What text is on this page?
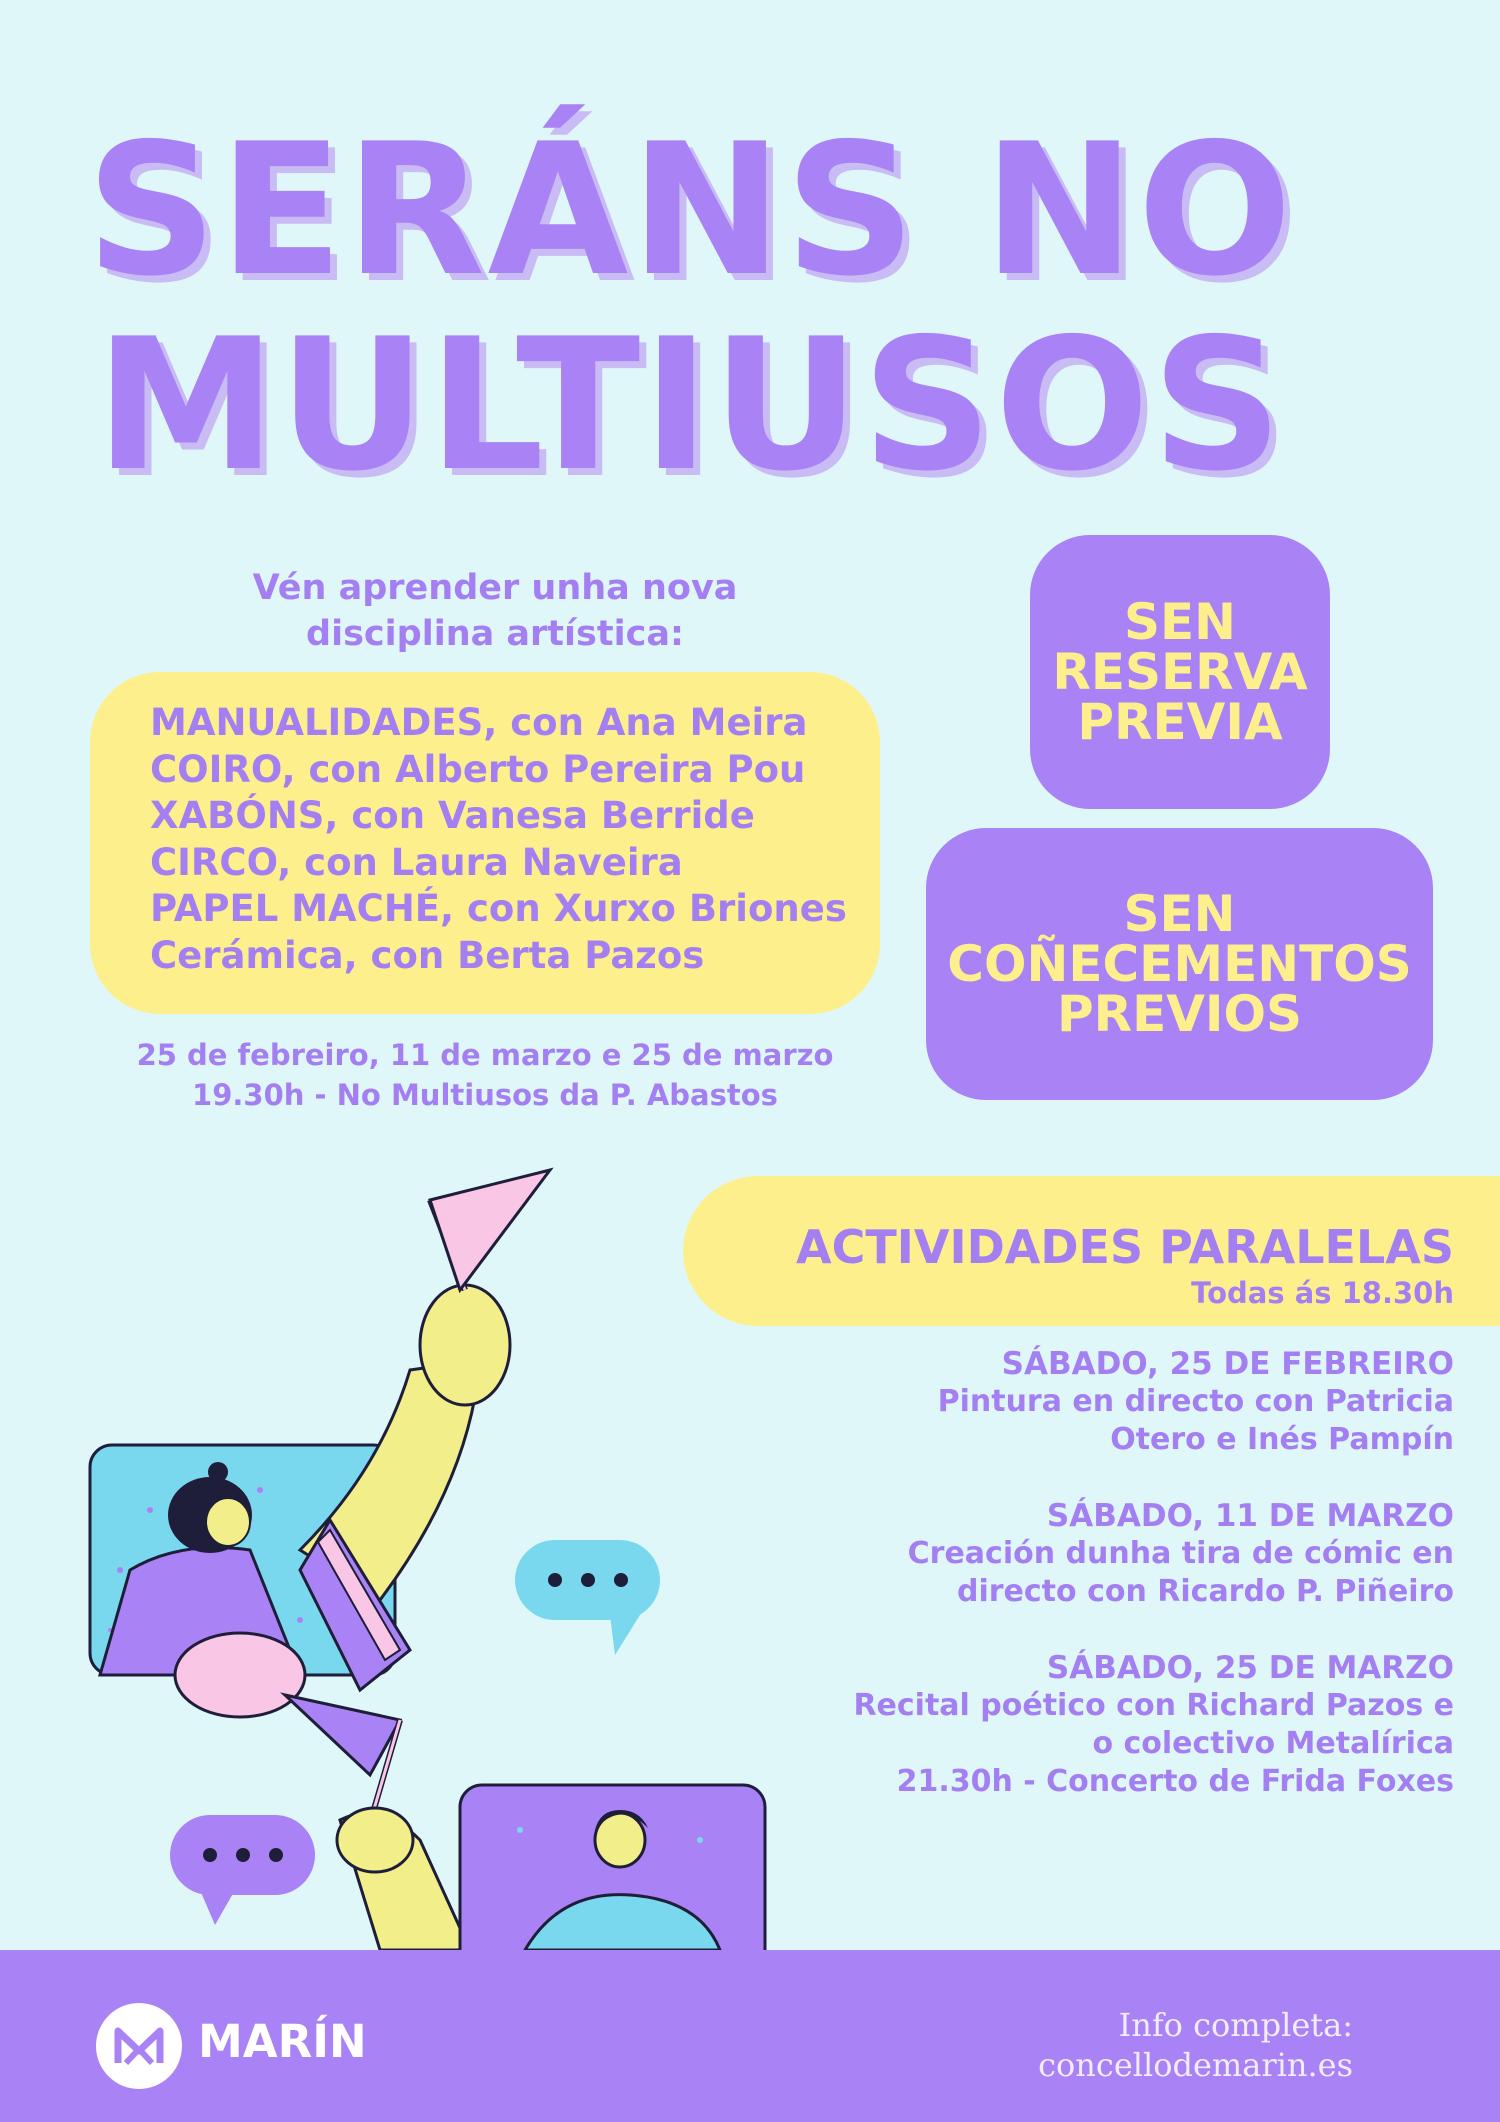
SERÁNS NO
MULTIUSOS
Vén aprender unha nova
disciplina artística:
MANUALIDADES, con Ana Meira
COIRO, con Alberto Pereira Pou
XABÓNS, con Vanesa Berride
CIRCO, con Laura Naveira
PAPEL MACHÉ, con Xurxo Briones
Cerámica, con Berta Pazos
25 de febreiro, 11 de marzo e 25 de marzo
19.30h - No Multiusos da P. Abastos
SEN
RESERVA
PREVIA
SEN
COÑECEMENTOS
PREVIOS
ACTIVIDADES PARALELAS
Todas ás 18.30h
SÁBADO, 25 DE FEBREIRO
Pintura en directo con Patricia
Otero e Inés Pampín
SÁBADO, 11 DE MARZO
Creación dunha tira de cómic en
directo con Ricardo P. Piñeiro
SÁBADO, 25 DE MARZO
Recital poético con Richard Pazos e
o colectivo Metalírica
21.30h - Concerto de Frida Foxes
MARÍN	Info completa:
concellodemarin.es
